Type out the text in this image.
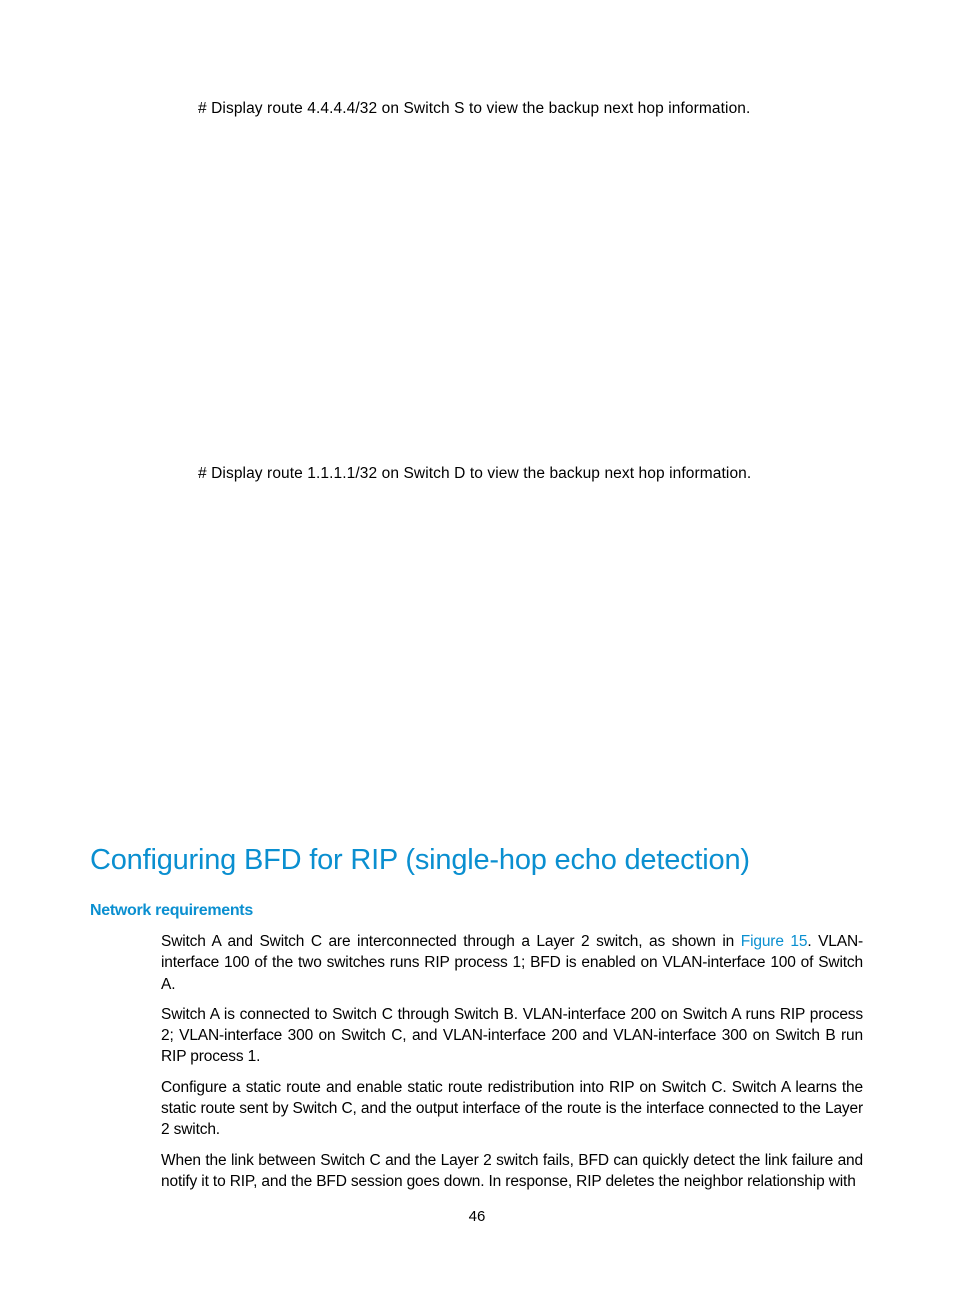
# Display route 4.4.4.4/32 on Switch S to view the backup next hop information.
# Display route 1.1.1.1/32 on Switch D to view the backup next hop information.
Configuring BFD for RIP (single-hop echo detection)
Network requirements

Switch A and Switch C are interconnected through a Layer 2 switch, as shown in Figure 15. VLAN-interface 100 of the two switches runs RIP process 1; BFD is enabled on VLAN-interface 100 of Switch A.

Switch A is connected to Switch C through Switch B. VLAN-interface 200 on Switch A runs RIP process 2; VLAN-interface 300 on Switch C, and VLAN-interface 200 and VLAN-interface 300 on Switch B run RIP process 1.

Configure a static route and enable static route redistribution into RIP on Switch C. Switch A learns the static route sent by Switch C, and the output interface of the route is the interface connected to the Layer 2 switch.

When the link between Switch C and the Layer 2 switch fails, BFD can quickly detect the link failure and notify it to RIP, and the BFD session goes down. In response, RIP deletes the neighbor relationship with

46
